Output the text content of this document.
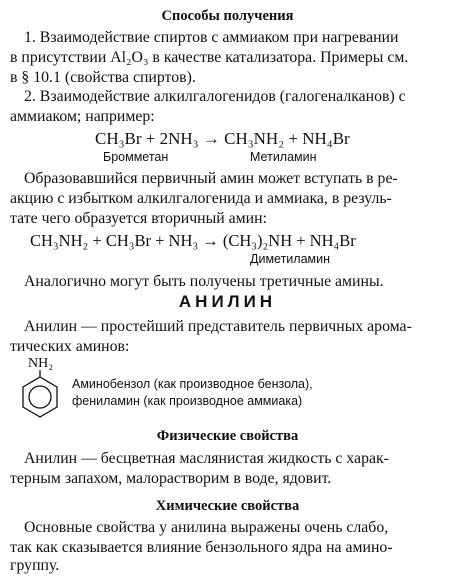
Способы получения
1. Взаимодействие спиртов с аммиаком при нагревании
в присутствии Al₂O₃ в качестве катализатора. Примеры см.
в § 10.1 (свойства спиртов).
2. Взаимодействие алкилгалогенидов (галогеналканов) с
аммиаком; например:
CH₃Br + 2NH₃ → CH₃NH₂ + NH₄Br
Бромметан	Метиламин
Образовавшийся первичный амин может вступать в ре-
акцию с избытком алкилгалогенида и аммиака, в резуль-
тате чего образуется вторичный амин:
CH₃NH₂ + CH₃Br + NH₃ → (CH₃)₂NH + NH₄Br
Диметиламин
Аналогично могут быть получены третичные амины.
АНИЛИН
Анилин — простейший представитель первичных арома-
тических аминов:
NH₂
Аминобензол (как производное бензола),
фениламин (как производное аммиака)
Физические свойства
Анилин — бесцветная маслянистая жидкость с харак-
терным запахом, малорастворим в воде, ядовит.
Химические свойства
Основные свойства у анилина выражены очень слабо,
так как сказывается влияние бензольного ядра на амино-
группу.
